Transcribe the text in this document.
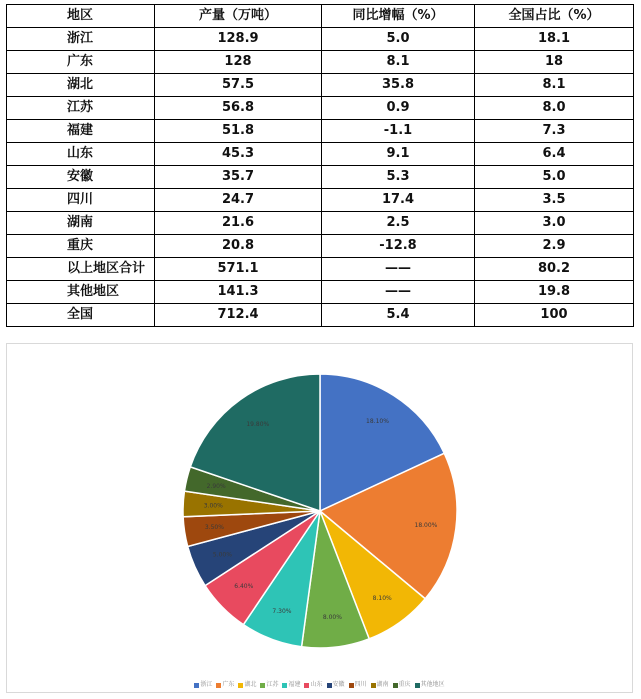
地区	产量（万吨）	同比增幅（%）	全国占比（%）
浙江	128.9	5.0	18.1
广东	128	8.1	18
湖北	57.5	35.8	8.1
江苏	56.8	0.9	8.0
福建	51.8	-1.1	7.3
山东	45.3	9.1	6.4
安徽	35.7	5.3	5.0
四川	24.7	17.4	3.5
湖南	21.6	2.5	3.0
重庆	20.8	-12.8	2.9
以上地区合计	571.1	——	80.2
其他地区	141.3	——	19.8
全国	712.4	5.4	100
18.10%
18.00%
8.10%
8.00%
7.30%
6.40%
5.00%
3.50%
3.00%
2.90%
19.80%
浙江 广东 湖北 江苏 福建 山东 安徽 四川 湖南 重庆 其他地区
